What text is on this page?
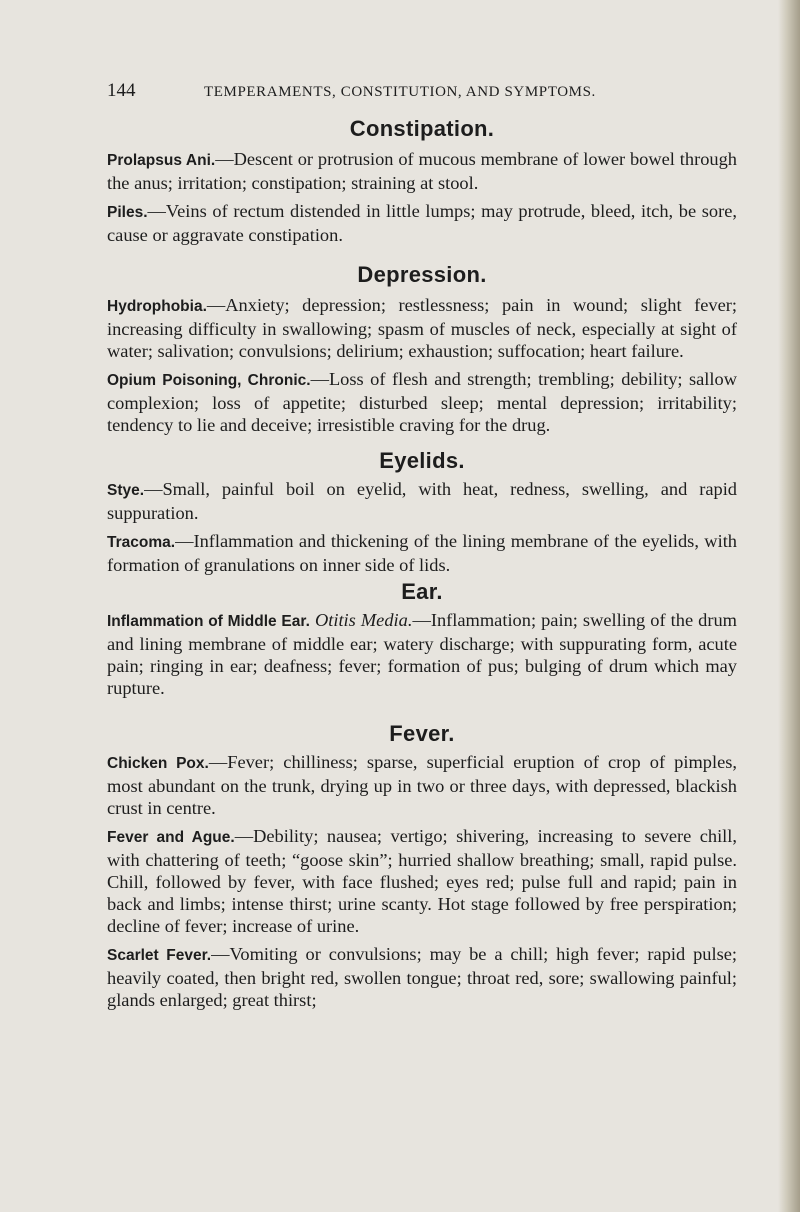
144	TEMPERAMENTS, CONSTITUTION, AND SYMPTOMS.
Constipation.

Prolapsus Ani. — Descent or protrusion of mucous membrane of lower bowel through the anus; irritation; constipation; straining at stool.

Piles. — Veins of rectum distended in little lumps; may protrude, bleed, itch, be sore, cause or aggravate constipation.

Depression.

Hydrophobia. — Anxiety; depression; restlessness; pain in wound; slight fever; increasing difficulty in swallowing; spasm of muscles of neck, especially at sight of water; salivation; convulsions; delirium; exhaustion; suffocation; heart failure.

Opium Poisoning, Chronic. — Loss of flesh and strength; trembling; debility; sallow complexion; loss of appetite; disturbed sleep; mental depression; irritability; tendency to lie and deceive; irresistible craving for the drug.

Eyelids.

Stye. — Small, painful boil on eyelid, with heat, redness, swelling, and rapid suppuration.

Tracoma. — Inflammation and thickening of the lining membrane of the eyelids, with formation of granulations on inner side of lids.

Ear.

Inflammation of Middle Ear. Otitis Media. — Inflammation; pain; swelling of the drum and lining membrane of middle ear; watery discharge; with suppurating form, acute pain; ringing in ear; deafness; fever; formation of pus; bulging of drum which may rupture.

Fever.

Chicken Pox. — Fever; chilliness; sparse, superficial eruption of crop of pimples, most abundant on the trunk, drying up in two or three days, with depressed, blackish crust in centre.

Fever and Ague. — Debility; nausea; vertigo; shivering, increasing to severe chill, with chattering of teeth; “goose skin”; hurried shallow breathing; small, rapid pulse. Chill, followed by fever, with face flushed; eyes red; pulse full and rapid; pain in back and limbs; intense thirst; urine scanty. Hot stage followed by free perspiration; decline of fever; increase of urine.

Scarlet Fever. — Vomiting or convulsions; may be a chill; high fever; rapid pulse; heavily coated, then bright red, swollen tongue; throat red, sore; swallowing painful; glands enlarged; great thirst;
